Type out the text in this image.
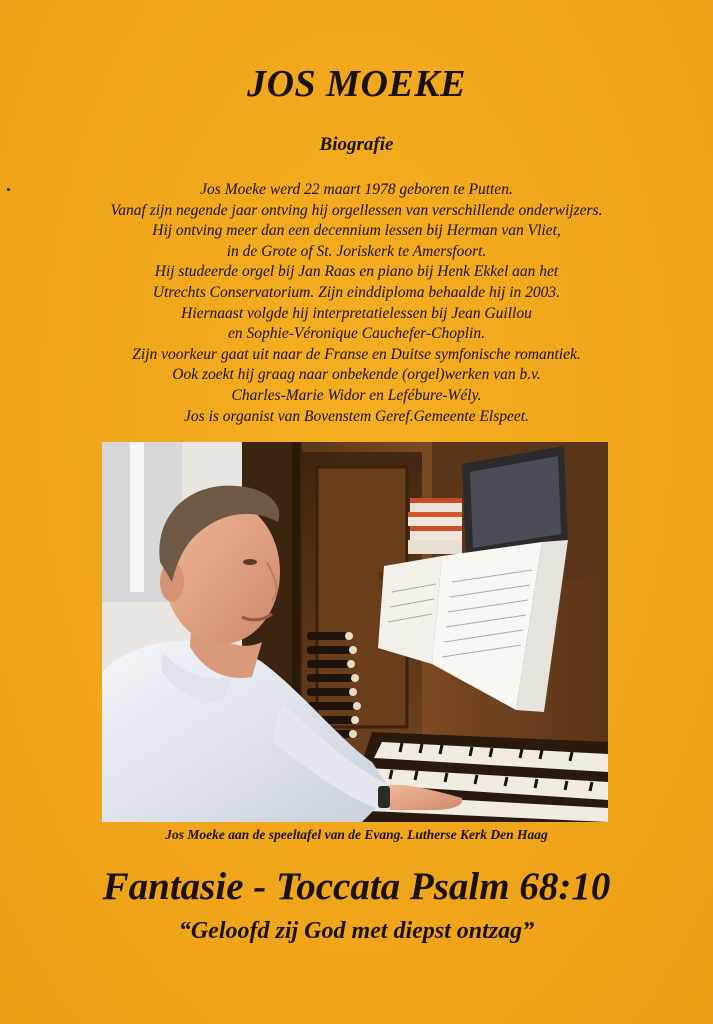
JOS MOEKE
Biografie
Jos Moeke werd 22 maart 1978 geboren te Putten.
Vanaf zijn negende jaar ontving hij orgellessen van verschillende onderwijzers.
Hij ontving meer dan een decennium lessen bij Herman van Vliet,
in de Grote of St. Joriskerk te Amersfoort.
Hij studeerde orgel bij Jan Raas en piano bij Henk Ekkel aan het
Utrechts Conservatorium. Zijn einddiploma behaalde hij in 2003.
Hiernaast volgde hij interpretatielessen bij Jean Guillou
en Sophie-Véronique Cauchefer-Choplin.
Zijn voorkeur gaat uit naar de Franse en Duitse symfonische romantiek.
Ook zoekt hij graag naar onbekende (orgel)werken van b.v.
Charles-Marie Widor en Lefébure-Wély.
Jos is organist van Bovenstem Geref.Gemeente Elspeet.
Jos Moeke aan de speeltafel van de Evang. Lutherse Kerk Den Haag
Fantasie - Toccata Psalm 68:10
“Geloofd zij God met diepst ontzag”
